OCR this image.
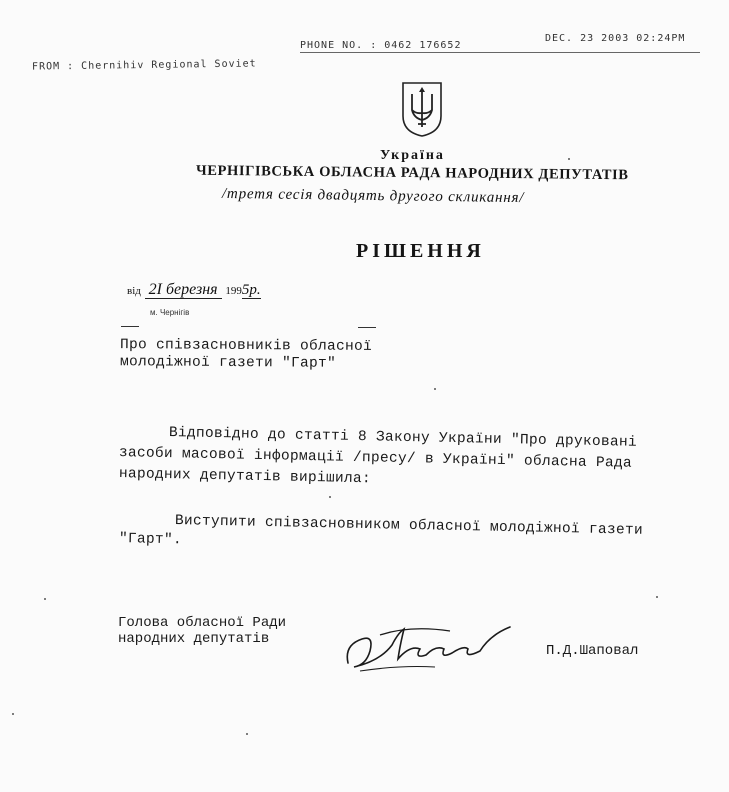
FROM : Chernihiv Regional Soviet
PHONE NO. : 0462 176652
DEC. 23 2003 02:24PM
Україна
ЧЕРНІГІВСЬКА ОБЛАСНА РАДА НАРОДНИХ ДЕПУТАТІВ
/третя сесія двадцять другого скликання/
РІШЕННЯ
від 2I березня 1995р.
м. Чернігів
Про співзасновників обласної
молодіжної газети "Гарт"
Відповідно до статті 8 Закону України "Про друковані
засоби масової інформації /пресу/ в Україні" обласна Рада
народних депутатів вирішила:
Виступити співзасновником обласної молодіжної газети
"Гарт".
Голова обласної Ради
народних депутатів
П.Д.Шаповал
